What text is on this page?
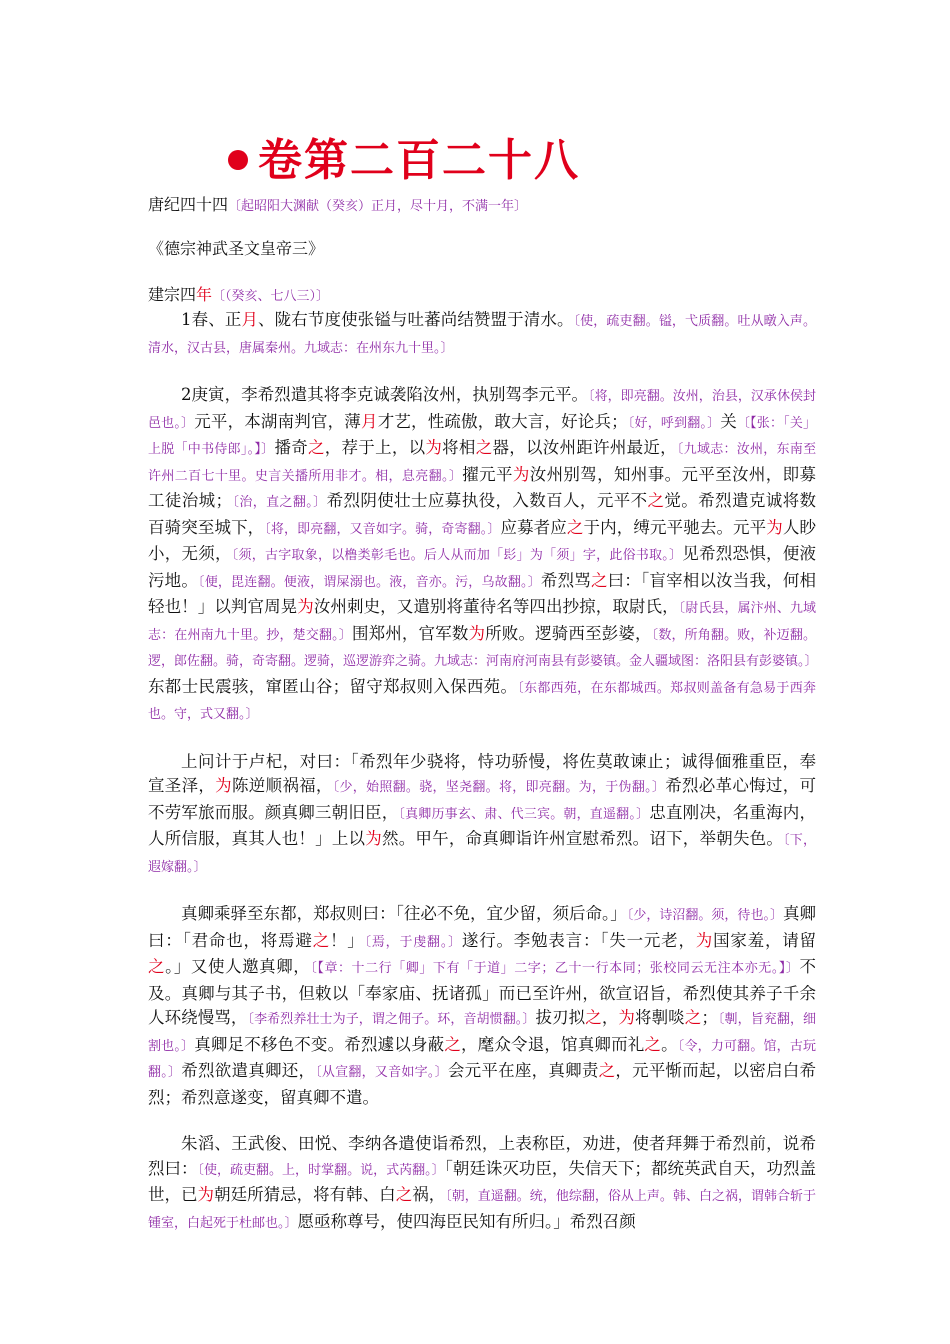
卷第二百二十八
唐纪四十四〔起昭阳大渊献（癸亥）正月，尽十月，不满一年〕
《德宗神武圣文皇帝三》
建宗四年〔（癸亥、七八三）〕

1春、正月、陇右节度使张镒与吐蕃尚结赞盟于清水。〔使，疏吏翻。镒，弋质翻。吐从暾入声。清水，汉古县，唐属秦州。九域志：在州东九十里。〕

2庚寅，李希烈遣其将李克诚袭陷汝州，执别驾李元平。〔将，即亮翻。汝州，治县，汉承休侯封邑也。〕元平，本湖南判官，薄月才艺，性疏傲，敢大言，好论兵；〔好，呼到翻。〕关〔【张：「关」上脱「中书侍郎」。】〕播奇之，荐于上，以为将相之器，以汝州距许州最近，〔九域志：汝州，东南至许州二百七十里。史言关播所用非才。相，息亮翻。〕擢元平为汝州别驾，知州事。元平至汝州，即募工徒治城；〔治，直之翻。〕希烈阴使壮士应募执役，入数百人，元平不之觉。希烈遣克诚将数百骑突至城下，〔将，即亮翻，又音如字。骑，奇寄翻。〕应募者应之于内，缚元平驰去。元平为人眇小，无须，〔须，古字取象，以橹类彰毛也。后人从而加「髟」为「须」字，此俗书取。〕见希烈恐惧，便液污地。〔便，毘连翻。便液，谓屎溺也。液，音亦。污，乌故翻。〕希烈骂之曰：「盲宰相以汝当我，何相轻也！」以判官周晃为汝州刺史，又遣别将董待名等四出抄掠，取尉氏，〔尉氏县，属汴州、九域志：在州南九十里。抄，楚交翻。〕围郑州，官军数为所败。逻骑西至彭婆，〔数，所角翻。败，补迈翻。逻，郎佐翻。骑，奇寄翻。逻骑，巡逻游弈之骑。九域志：河南府河南县有彭婆镇。金人疆域图：洛阳县有彭婆镇。〕东都士民震骇，窜匿山谷；留守郑叔则入保西苑。〔东都西苑，在东都城西。郑叔则盖备有急易于西奔也。守，式又翻。〕

上问计于卢杞，对曰：「希烈年少骁将，恃功骄慢，将佐莫敢谏止；诚得偭雅重臣，奉宣圣泽，为陈逆顺祸福，〔少，始照翻。骁，坚尧翻。将，即亮翻。为，于伪翻。〕希烈必革心悔过，可不劳军旅而服。颜真卿三朝旧臣，〔真卿历事玄、肃、代三宾。朝，直遥翻。〕忠直刚决，名重海内，人所信服，真其人也！」上以为然。甲午，命真卿诣许州宣慰希烈。诏下，举朝失色。〔下，遐嫁翻。〕

真卿乘驿至东都，郑叔则曰：「往必不免，宜少留，须后命。」〔少，诗沼翻。须，待也。〕真卿曰：「君命也，将焉避之！」〔焉，于虔翻。〕遂行。李勉表言：「失一元老，为国家羞，请留之。」又使人邀真卿，〔【章：十二行「卿」下有「于道」二字；乙十一行本同；张校同云无注本亦无。】〕不及。真卿与其子书，但敕以「奉家庙、抚诸孤」而已至许州，欲宣诏旨，希烈使其养子千余人环绕慢骂，〔李希烈养壮士为子，谓之佣子。环，音胡惯翻。〕拔刃拟之，为将剸啖之；〔剸，旨兖翻，细割也。〕真卿足不移色不变。希烈遽以身蔽之，麾众令退，馆真卿而礼之。〔令，力可翻。馆，古玩翻。〕希烈欲遣真卿还，〔从宣翻，又音如字。〕会元平在座，真卿责之，元平惭而起，以密启白希烈；希烈意遂变，留真卿不遣。

朱滔、王武俊、田悦、李纳各遣使诣希烈，上表称臣，劝进，使者拜舞于希烈前，说希烈曰：〔使，疏吏翻。上，时掌翻。说，式芮翻。〕「朝廷诛灭功臣，失信天下；都统英武自天，功烈盖世，已为朝廷所猜忌，将有韩、白之祸，〔朝，直遥翻。统，他综翻，俗从上声。韩、白之祸，谓韩合斩于锺室，白起死于杜邮也。〕愿亟称尊号，使四海臣民知有所归。」希烈召颜
